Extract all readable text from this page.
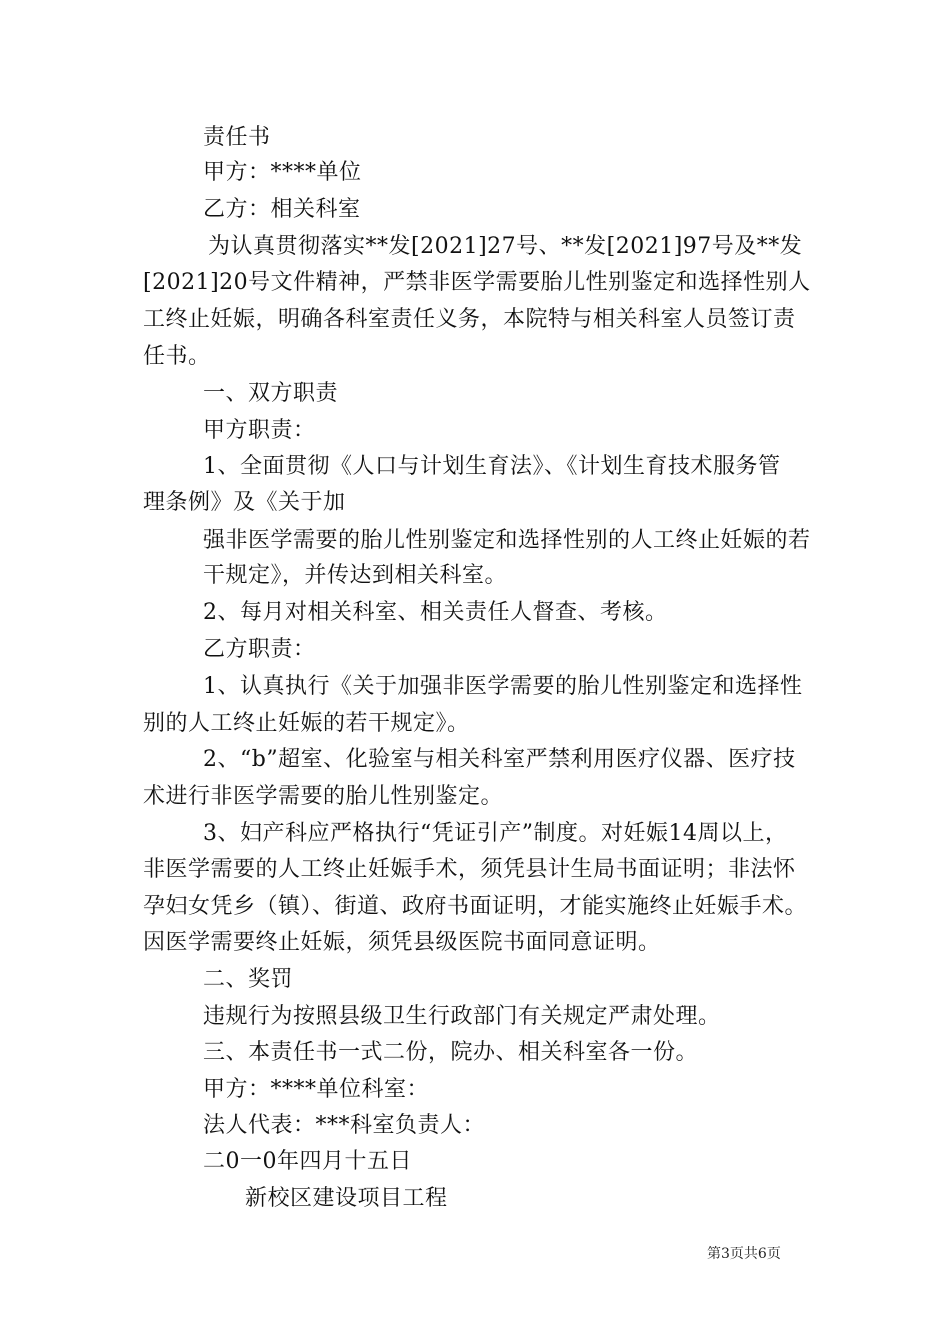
责任书
甲方：****单位
乙方：相关科室
为认真贯彻落实**发[2021]27号、**发[2021]97号及**发
[2021]20号文件精神，严禁非医学需要胎儿性别鉴定和选择性别人
工终止妊娠，明确各科室责任义务，本院特与相关科室人员签订责
任书。
一、双方职责
甲方职责：
1、全面贯彻《人口与计划生育法》、《计划生育技术服务管
理条例》及《关于加
强非医学需要的胎儿性别鉴定和选择性别的人工终止妊娠的若
干规定》，并传达到相关科室。
2、每月对相关科室、相关责任人督查、考核。
乙方职责：
1、认真执行《关于加强非医学需要的胎儿性别鉴定和选择性
别的人工终止妊娠的若干规定》。
2、“b”超室、化验室与相关科室严禁利用医疗仪器、医疗技
术进行非医学需要的胎儿性别鉴定。
3、妇产科应严格执行“凭证引产”制度。对妊娠14周以上，
非医学需要的人工终止妊娠手术，须凭县计生局书面证明；非法怀
孕妇女凭乡（镇）、街道、政府书面证明，才能实施终止妊娠手术。
因医学需要终止妊娠，须凭县级医院书面同意证明。
二、奖罚
违规行为按照县级卫生行政部门有关规定严肃处理。
三、本责任书一式二份，院办、相关科室各一份。
甲方：****单位科室：
法人代表：***科室负责人：
二0一0年四月十五日
新校区建设项目工程
第3页共6页
